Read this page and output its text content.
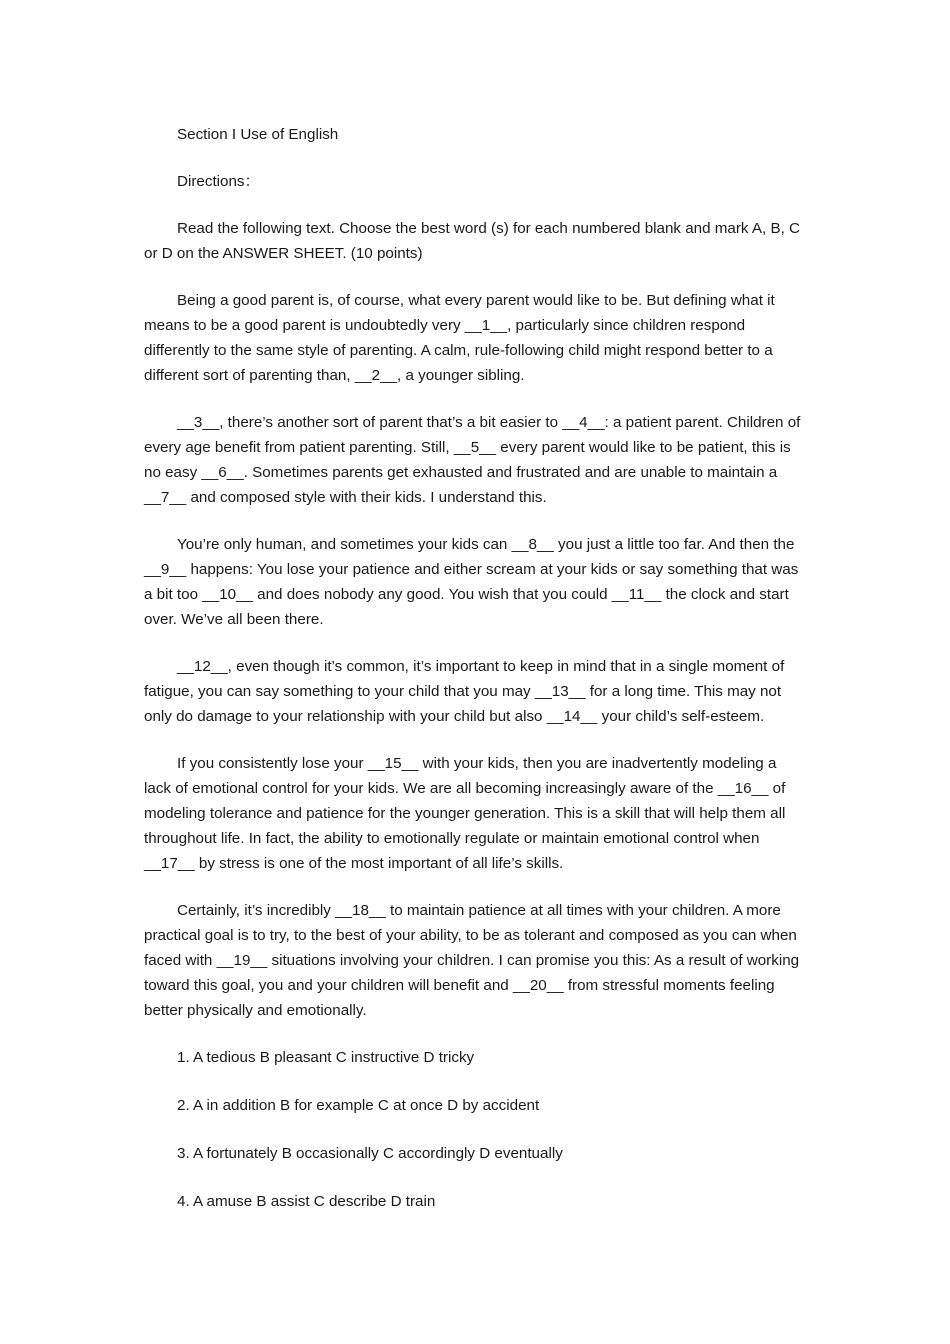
Section I Use of English

Directions：

Read the following text. Choose the best word (s) for each numbered blank and mark A, B, C or D on the ANSWER SHEET. (10 points)

Being a good parent is, of course, what every parent would like to be. But defining what it means to be a good parent is undoubtedly very __1__, particularly since children respond differently to the same style of parenting. A calm, rule-following child might respond better to a different sort of parenting than, __2__, a younger sibling.

__3__, there’s another sort of parent that’s a bit easier to __4__: a patient parent. Children of every age benefit from patient parenting. Still, __5__ every parent would like to be patient, this is no easy __6__. Sometimes parents get exhausted and frustrated and are unable to maintain a __7__ and composed style with their kids. I understand this.

You’re only human, and sometimes your kids can __8__ you just a little too far. And then the __9__ happens: You lose your patience and either scream at your kids or say something that was a bit too __10__ and does nobody any good. You wish that you could __11__ the clock and start over. We’ve all been there.

__12__, even though it’s common, it’s important to keep in mind that in a single moment of fatigue, you can say something to your child that you may __13__ for a long time. This may not only do damage to your relationship with your child but also __14__ your child’s self-esteem.

If you consistently lose your __15__ with your kids, then you are inadvertently modeling a lack of emotional control for your kids. We are all becoming increasingly aware of the __16__ of modeling tolerance and patience for the younger generation. This is a skill that will help them all throughout life. In fact, the ability to emotionally regulate or maintain emotional control when __17__ by stress is one of the most important of all life’s skills.

Certainly, it’s incredibly __18__ to maintain patience at all times with your children. A more practical goal is to try, to the best of your ability, to be as tolerant and composed as you can when faced with __19__ situations involving your children. I can promise you this: As a result of working toward this goal, you and your children will benefit and __20__ from stressful moments feeling better physically and emotionally.

1. A tedious B pleasant C instructive D tricky

2. A in addition B for example C at once D by accident

3. A fortunately B occasionally C accordingly D eventually

4. A amuse B assist C describe D train
